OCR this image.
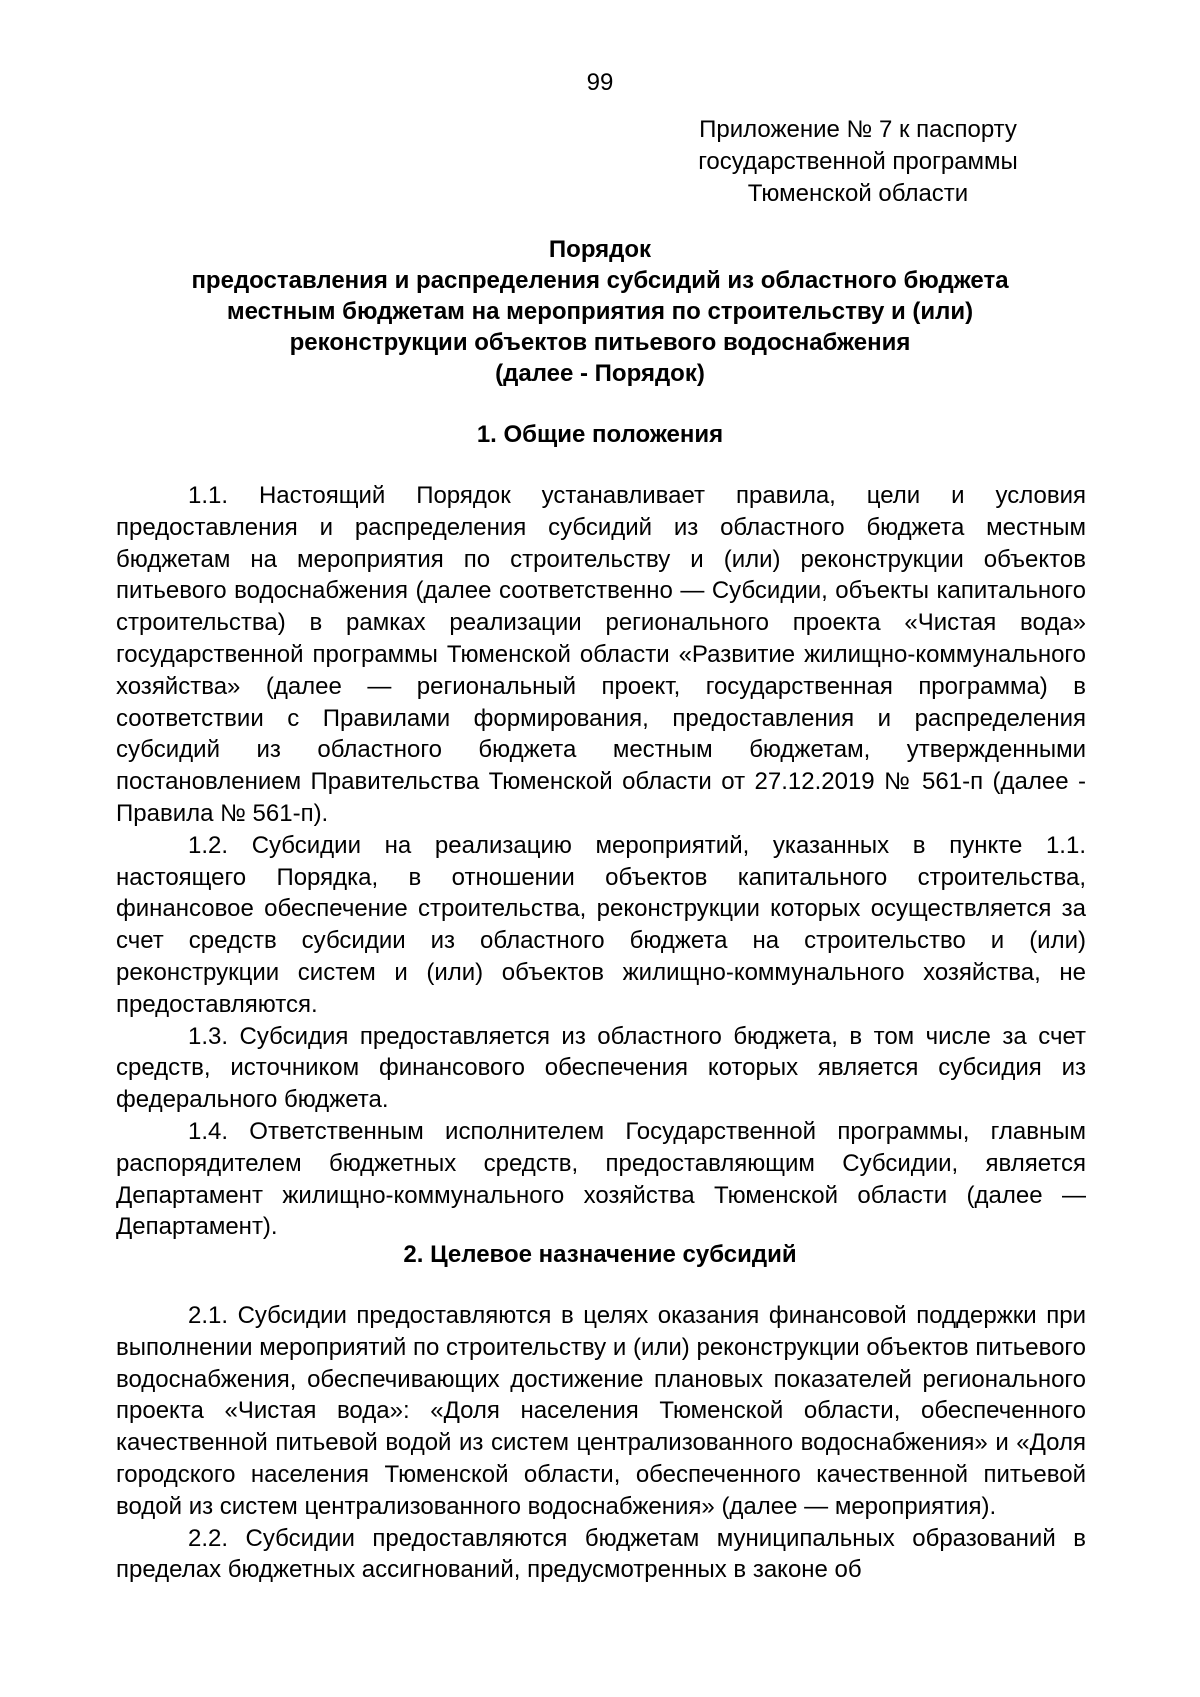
99
Приложение № 7 к паспорту
государственной программы
Тюменской области
Порядок
предоставления и распределения субсидий из областного бюджета
местным бюджетам на мероприятия по строительству и (или)
реконструкции объектов питьевого водоснабжения
(далее - Порядок)
1. Общие положения

1.1. Настоящий Порядок устанавливает правила, цели и условия предоставления и распределения субсидий из областного бюджета местным бюджетам на мероприятия по строительству и (или) реконструкции объектов питьевого водоснабжения (далее соответственно — Субсидии, объекты капитального строительства) в рамках реализации регионального проекта «Чистая вода» государственной программы Тюменской области «Развитие жилищно-коммунального хозяйства» (далее — региональный проект, государственная программа) в соответствии с Правилами формирования, предоставления и распределения субсидий из областного бюджета местным бюджетам, утвержденными постановлением Правительства Тюменской области от 27.12.2019 № 561-п (далее - Правила № 561-п).

1.2. Субсидии на реализацию мероприятий, указанных в пункте 1.1. настоящего Порядка, в отношении объектов капитального строительства, финансовое обеспечение строительства, реконструкции которых осуществляется за счет средств субсидии из областного бюджета на строительство и (или) реконструкции систем и (или) объектов жилищно-коммунального хозяйства, не предоставляются.

1.3. Субсидия предоставляется из областного бюджета, в том числе за счет средств, источником финансового обеспечения которых является субсидия из федерального бюджета.

1.4. Ответственным исполнителем Государственной программы, главным распорядителем бюджетных средств, предоставляющим Субсидии, является Департамент жилищно-коммунального хозяйства Тюменской области (далее — Департамент).

2. Целевое назначение субсидий

2.1. Субсидии предоставляются в целях оказания финансовой поддержки при выполнении мероприятий по строительству и (или) реконструкции объектов питьевого водоснабжения, обеспечивающих достижение плановых показателей регионального проекта «Чистая вода»: «Доля населения Тюменской области, обеспеченного качественной питьевой водой из систем централизованного водоснабжения» и «Доля городского населения Тюменской области, обеспеченного качественной питьевой водой из систем централизованного водоснабжения» (далее — мероприятия).

2.2. Субсидии предоставляются бюджетам муниципальных образований в пределах бюджетных ассигнований, предусмотренных в законе об
